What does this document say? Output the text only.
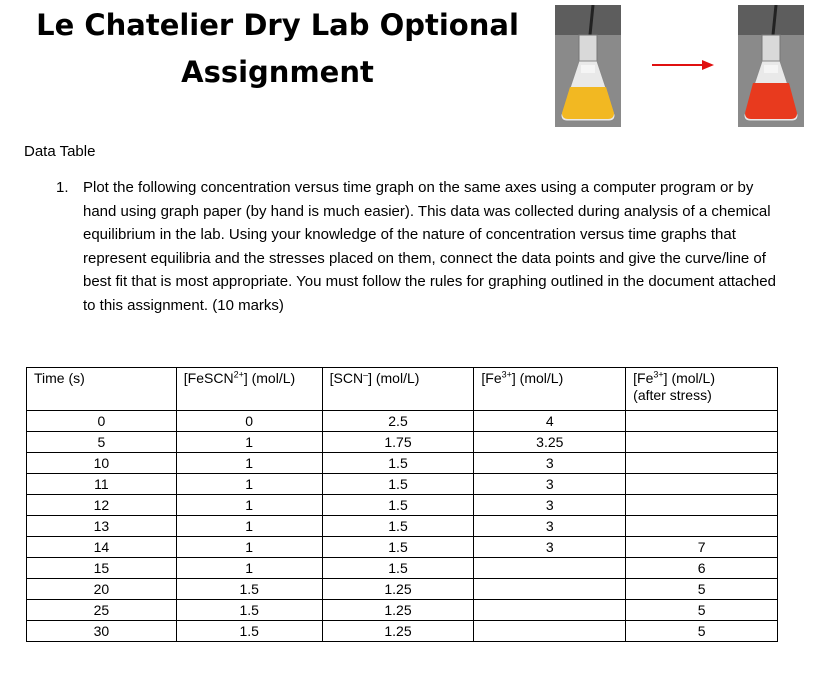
Le Chatelier Dry Lab Optional
Assignment
Data Table
1. Plot the following concentration versus time graph on the same axes using a computer program or by hand using graph paper (by hand is much easier). This data was collected during analysis of a chemical equilibrium in the lab. Using your knowledge of the nature of concentration versus time graphs that represent equilibria and the stresses placed on them, connect the data points and give the curve/line of best fit that is most appropriate. You must follow the rules for graphing outlined in the document attached to this assignment. (10 marks)
Time (s)	[FeSCN$^{2+}$] (mol/L)	[SCN–] (mol/L)	$[Fe^{3+}]$ (mol/L)	$[Fe^{3+}]$ (mol/L)
(after stress)
0	0	2.5	4	
5	1	1.75	3.25	
10	1	1.5	3	
11	1	1.5	3	
12	1	1.5	3	
13	1	1.5	3	
14	1	1.5	3	7
15	1	1.5		6
20	1.5	1.25		5
25	1.5	1.25		5
30	1.5	1.25		5
